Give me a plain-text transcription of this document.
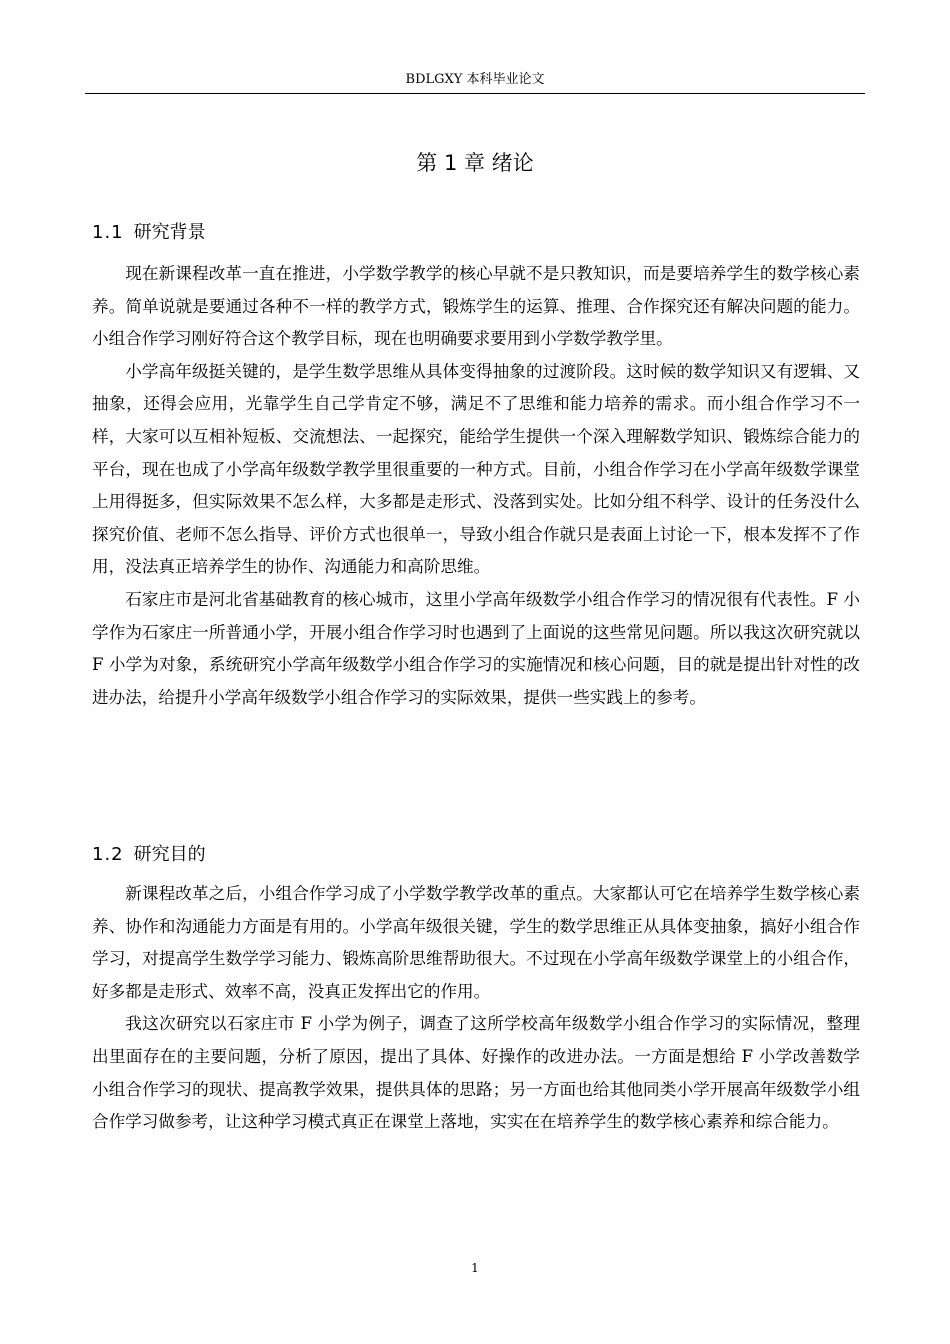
BDLGXY 本科毕业论文
第 1 章 绪论
1.1 研究背景

现在新课程改革一直在推进，小学数学教学的核心早就不是只教知识，而是要培养学生的数学核心素养。简单说就是要通过各种不一样的教学方式，锻炼学生的运算、推理、合作探究还有解决问题的能力。小组合作学习刚好符合这个教学目标，现在也明确要求要用到小学数学教学里。

小学高年级挺关键的，是学生数学思维从具体变得抽象的过渡阶段。这时候的数学知识又有逻辑、又抽象，还得会应用，光靠学生自己学肯定不够，满足不了思维和能力培养的需求。而小组合作学习不一样，大家可以互相补短板、交流想法、一起探究，能给学生提供一个深入理解数学知识、锻炼综合能力的平台，现在也成了小学高年级数学教学里很重要的一种方式。目前，小组合作学习在小学高年级数学课堂上用得挺多，但实际效果不怎么样，大多都是走形式、没落到实处。比如分组不科学、设计的任务没什么探究价值、老师不怎么指导、评价方式也很单一，导致小组合作就只是表面上讨论一下，根本发挥不了作用，没法真正培养学生的协作、沟通能力和高阶思维。

石家庄市是河北省基础教育的核心城市，这里小学高年级数学小组合作学习的情况很有代表性。F 小学作为石家庄一所普通小学，开展小组合作学习时也遇到了上面说的这些常见问题。所以我这次研究就以 F 小学为对象，系统研究小学高年级数学小组合作学习的实施情况和核心问题，目的就是提出针对性的改进办法，给提升小学高年级数学小组合作学习的实际效果，提供一些实践上的参考。

1.2 研究目的

新课程改革之后，小组合作学习成了小学数学教学改革的重点。大家都认可它在培养学生数学核心素养、协作和沟通能力方面是有用的。小学高年级很关键，学生的数学思维正从具体变抽象，搞好小组合作学习，对提高学生数学学习能力、锻炼高阶思维帮助很大。不过现在小学高年级数学课堂上的小组合作，好多都是走形式、效率不高，没真正发挥出它的作用。

我这次研究以石家庄市 F 小学为例子，调查了这所学校高年级数学小组合作学习的实际情况，整理出里面存在的主要问题，分析了原因，提出了具体、好操作的改进办法。一方面是想给 F 小学改善数学小组合作学习的现状、提高教学效果，提供具体的思路；另一方面也给其他同类小学开展高年级数学小组合作学习做参考，让这种学习模式真正在课堂上落地，实实在在培养学生的数学核心素养和综合能力。

1
